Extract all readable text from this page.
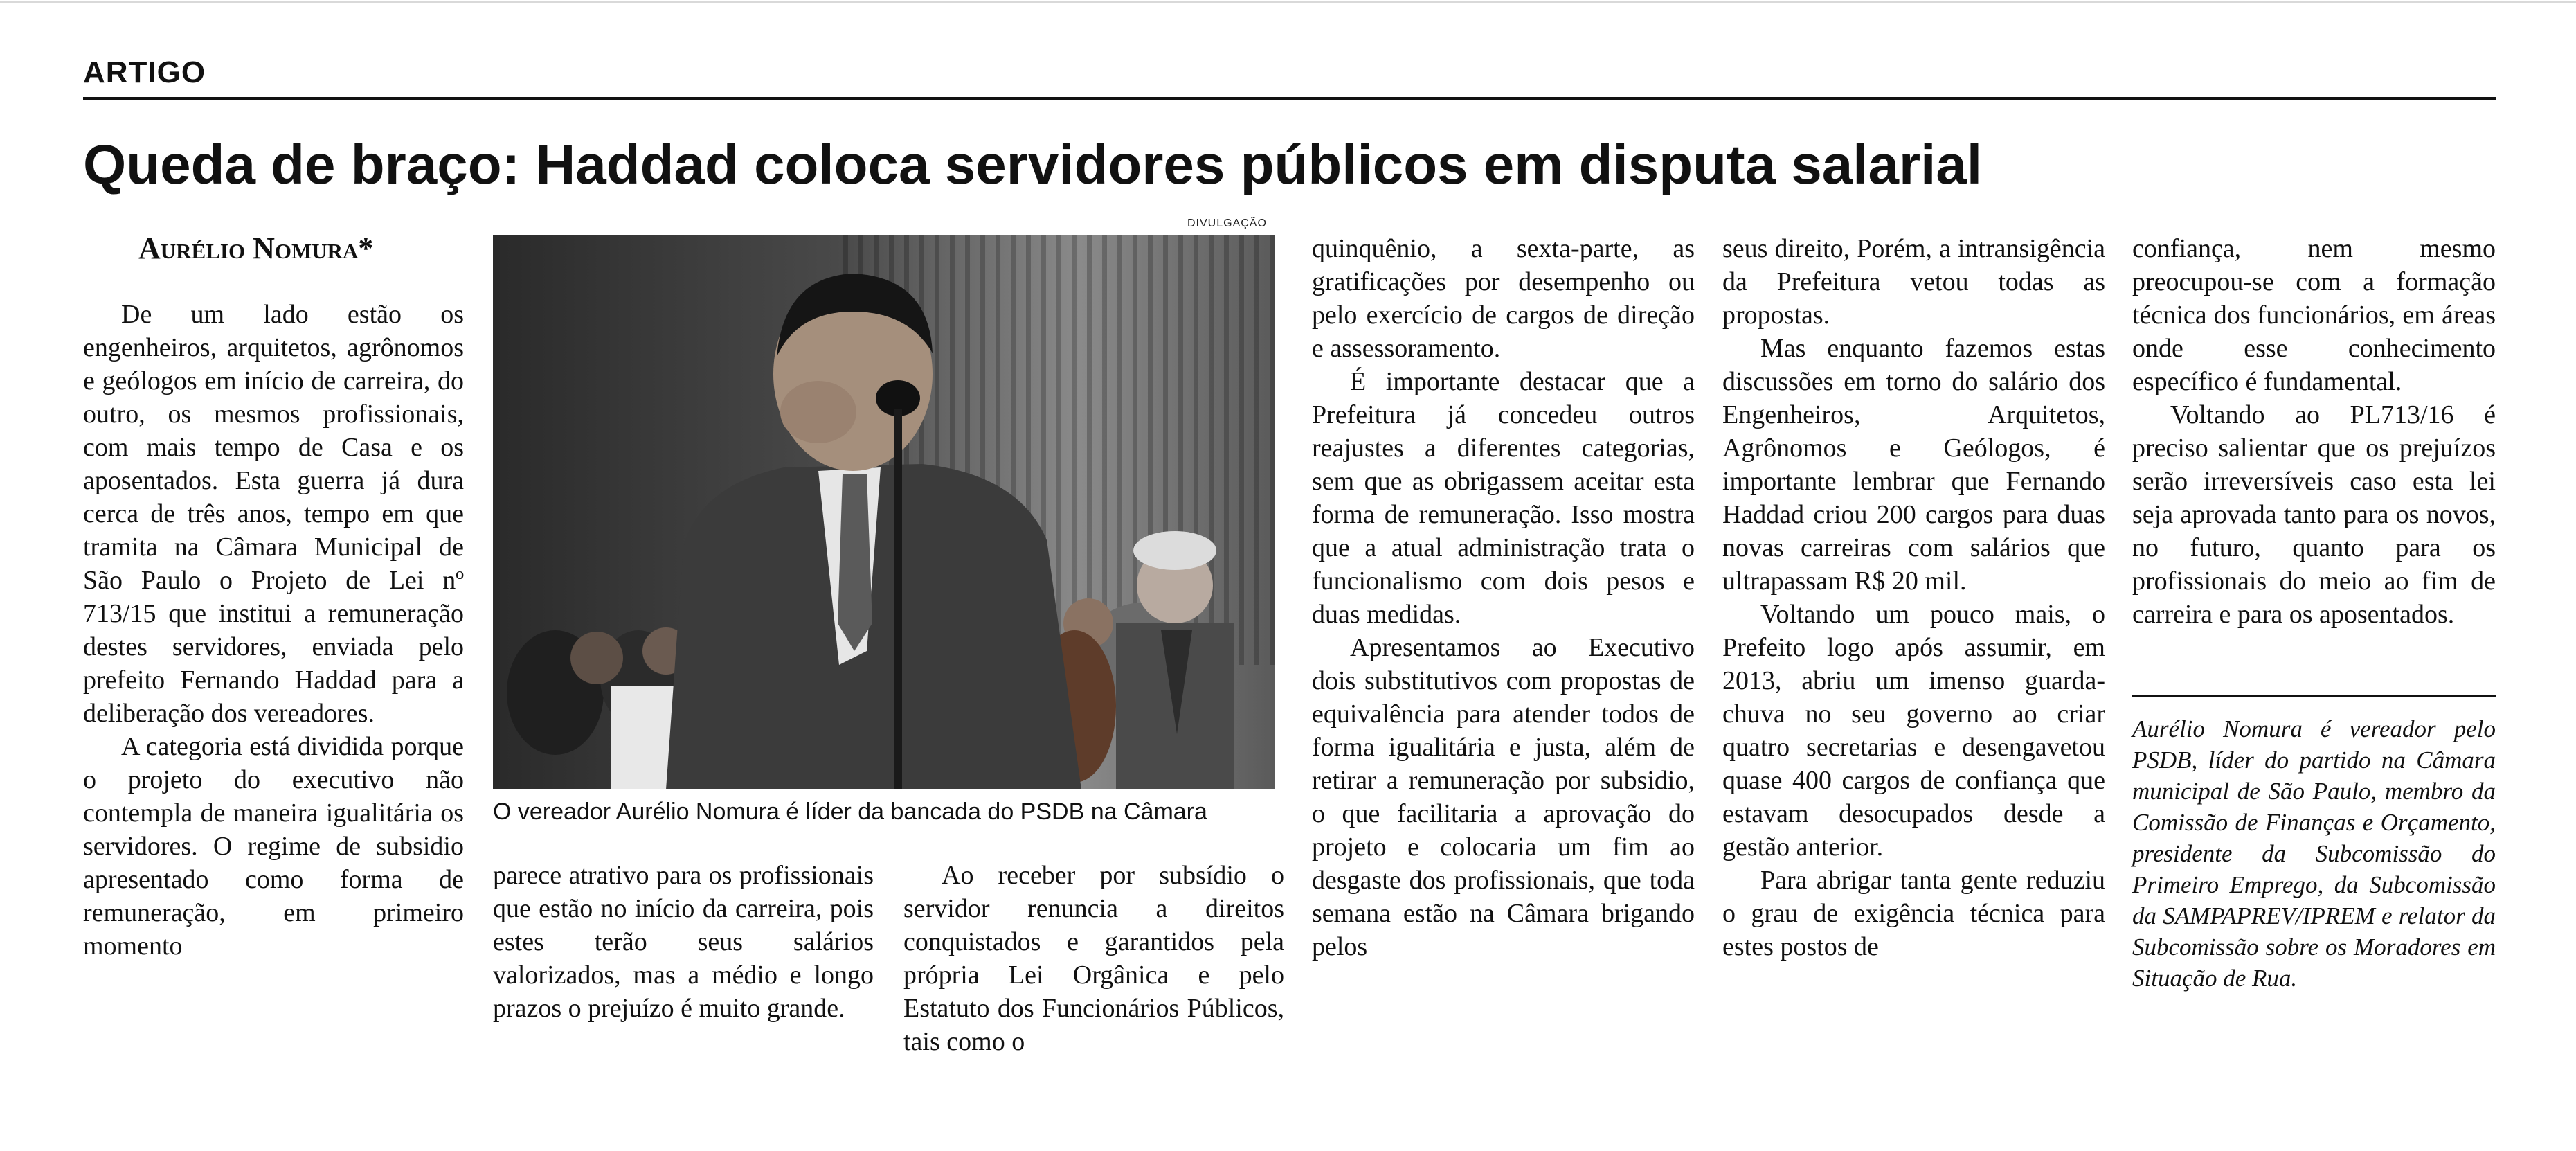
ARTIGO
Queda de braço: Haddad coloca servidores públicos em disputa salarial
Aurélio Nomura*

De um lado estão os engenheiros, arquitetos, agrônomos e geólogos em início de carreira, do outro, os mesmos profissionais, com mais tempo de Casa e os aposentados. Esta guerra já dura cerca de três anos, tempo em que tramita na Câmara Municipal de São Paulo o Projeto de Lei nº 713/15 que institui a remuneração destes servidores, enviada pelo prefeito Fernando Haddad para a deliberação dos vereadores.

A categoria está dividida porque o projeto do executivo não contempla de maneira igualitária os servidores. O regime de subsidio apresentado como forma de remuneração, em primeiro momento

DIVULGAÇÃO
O vereador Aurélio Nomura é líder da bancada do PSDB na Câmara

parece atrativo para os profissionais que estão no início da carreira, pois estes terão seus salários valorizados, mas a médio e longo prazos o prejuízo é muito grande.

Ao receber por subsídio o servidor renuncia a direitos conquistados e garantidos pela própria Lei Orgânica e pelo Estatuto dos Funcionários Públicos, tais como o

quinquênio, a sexta-parte, as gratificações por desempenho ou pelo exercício de cargos de direção e assessoramento.

É importante destacar que a Prefeitura já concedeu outros reajustes a diferentes categorias, sem que as obrigassem aceitar esta forma de remuneração. Isso mostra que a atual administração trata o funcionalismo com dois pesos e duas medidas.

Apresentamos ao Executivo dois substitutivos com propostas de equivalência para atender todos de forma igualitária e justa, além de retirar a remuneração por subsidio, o que facilitaria a aprovação do projeto e colocaria um fim ao desgaste dos profissionais, que toda semana estão na Câmara brigando pelos

seus direito, Porém, a intransigência da Prefeitura vetou todas as propostas.

Mas enquanto fazemos estas discussões em torno do salário dos Engenheiros, Arquitetos, Agrônomos e Geólogos, é importante lembrar que Fernando Haddad criou 200 cargos para duas novas carreiras com salários que ultrapassam R$ 20 mil.

Voltando um pouco mais, o Prefeito logo após assumir, em 2013, abriu um imenso guarda-chuva no seu governo ao criar quatro secretarias e desengavetou quase 400 cargos de confiança que estavam desocupados desde a gestão anterior.

Para abrigar tanta gente reduziu o grau de exigência técnica para estes postos de

confiança, nem mesmo preocupou-se com a formação técnica dos funcionários, em áreas onde esse conhecimento específico é fundamental.

Voltando ao PL713/16 é preciso salientar que os prejuízos serão irreversíveis caso esta lei seja aprovada tanto para os novos, no futuro, quanto para os profissionais do meio ao fim de carreira e para os aposentados.

Aurélio Nomura é vereador pelo PSDB, líder do partido na Câmara municipal de São Paulo, membro da Comissão de Finanças e Orçamento, presidente da Subcomissão do Primeiro Emprego, da Subcomissão da SAMPAPREV/IPREM e relator da Subcomissão sobre os Moradores em Situação de Rua.
